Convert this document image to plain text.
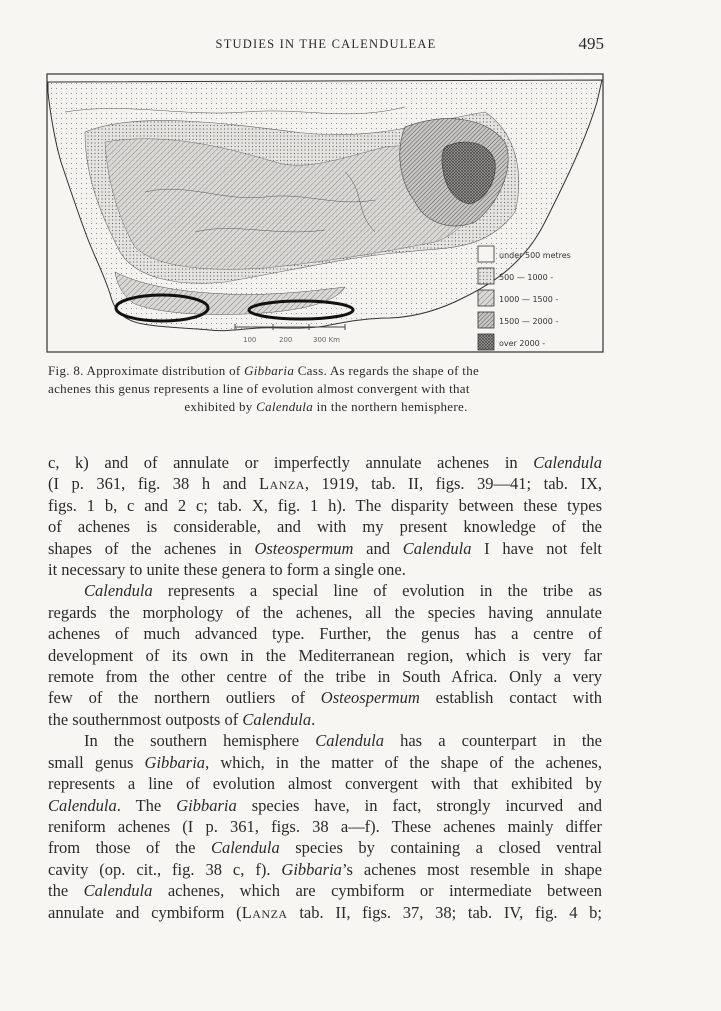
STUDIES IN THE CALENDULEAE	495
100	200	300 Km
under 500 metres
500 — 1000 -
1000 — 1500 -
1500 — 2000 -
over 2000 -
Fig. 8. Approximate distribution of Gibbaria Cass. As regards the shape of the
achenes this genus represents a line of evolution almost convergent with that
exhibited by Calendula in the northern hemisphere.
c, k) and of annulate or imperfectly annulate achenes in Calendula
(I p. 361, fig. 38 h and Lanza, 1919, tab. II, figs. 39—41; tab. IX,
figs. 1 b, c and 2 c; tab. X, fig. 1 h). The disparity between these types
of achenes is considerable, and with my present knowledge of the
shapes of the achenes in Osteospermum and Calendula I have not felt
it necessary to unite these genera to form a single one.
Calendula represents a special line of evolution in the tribe as
regards the morphology of the achenes, all the species having annulate
achenes of much advanced type. Further, the genus has a centre of
development of its own in the Mediterranean region, which is very far
remote from the other centre of the tribe in South Africa. Only a very
few of the northern outliers of Osteospermum establish contact with
the southernmost outposts of Calendula.
In the southern hemisphere Calendula has a counterpart in the
small genus Gibbaria, which, in the matter of the shape of the achenes,
represents a line of evolution almost convergent with that exhibited by
Calendula. The Gibbaria species have, in fact, strongly incurved and
reniform achenes (I p. 361, figs. 38 a—f). These achenes mainly differ
from those of the Calendula species by containing a closed ventral
cavity (op. cit., fig. 38 c, f). Gibbaria’s achenes most resemble in shape
the Calendula achenes, which are cymbiform or intermediate between
annulate and cymbiform (Lanza tab. II, figs. 37, 38; tab. IV, fig. 4 b;
